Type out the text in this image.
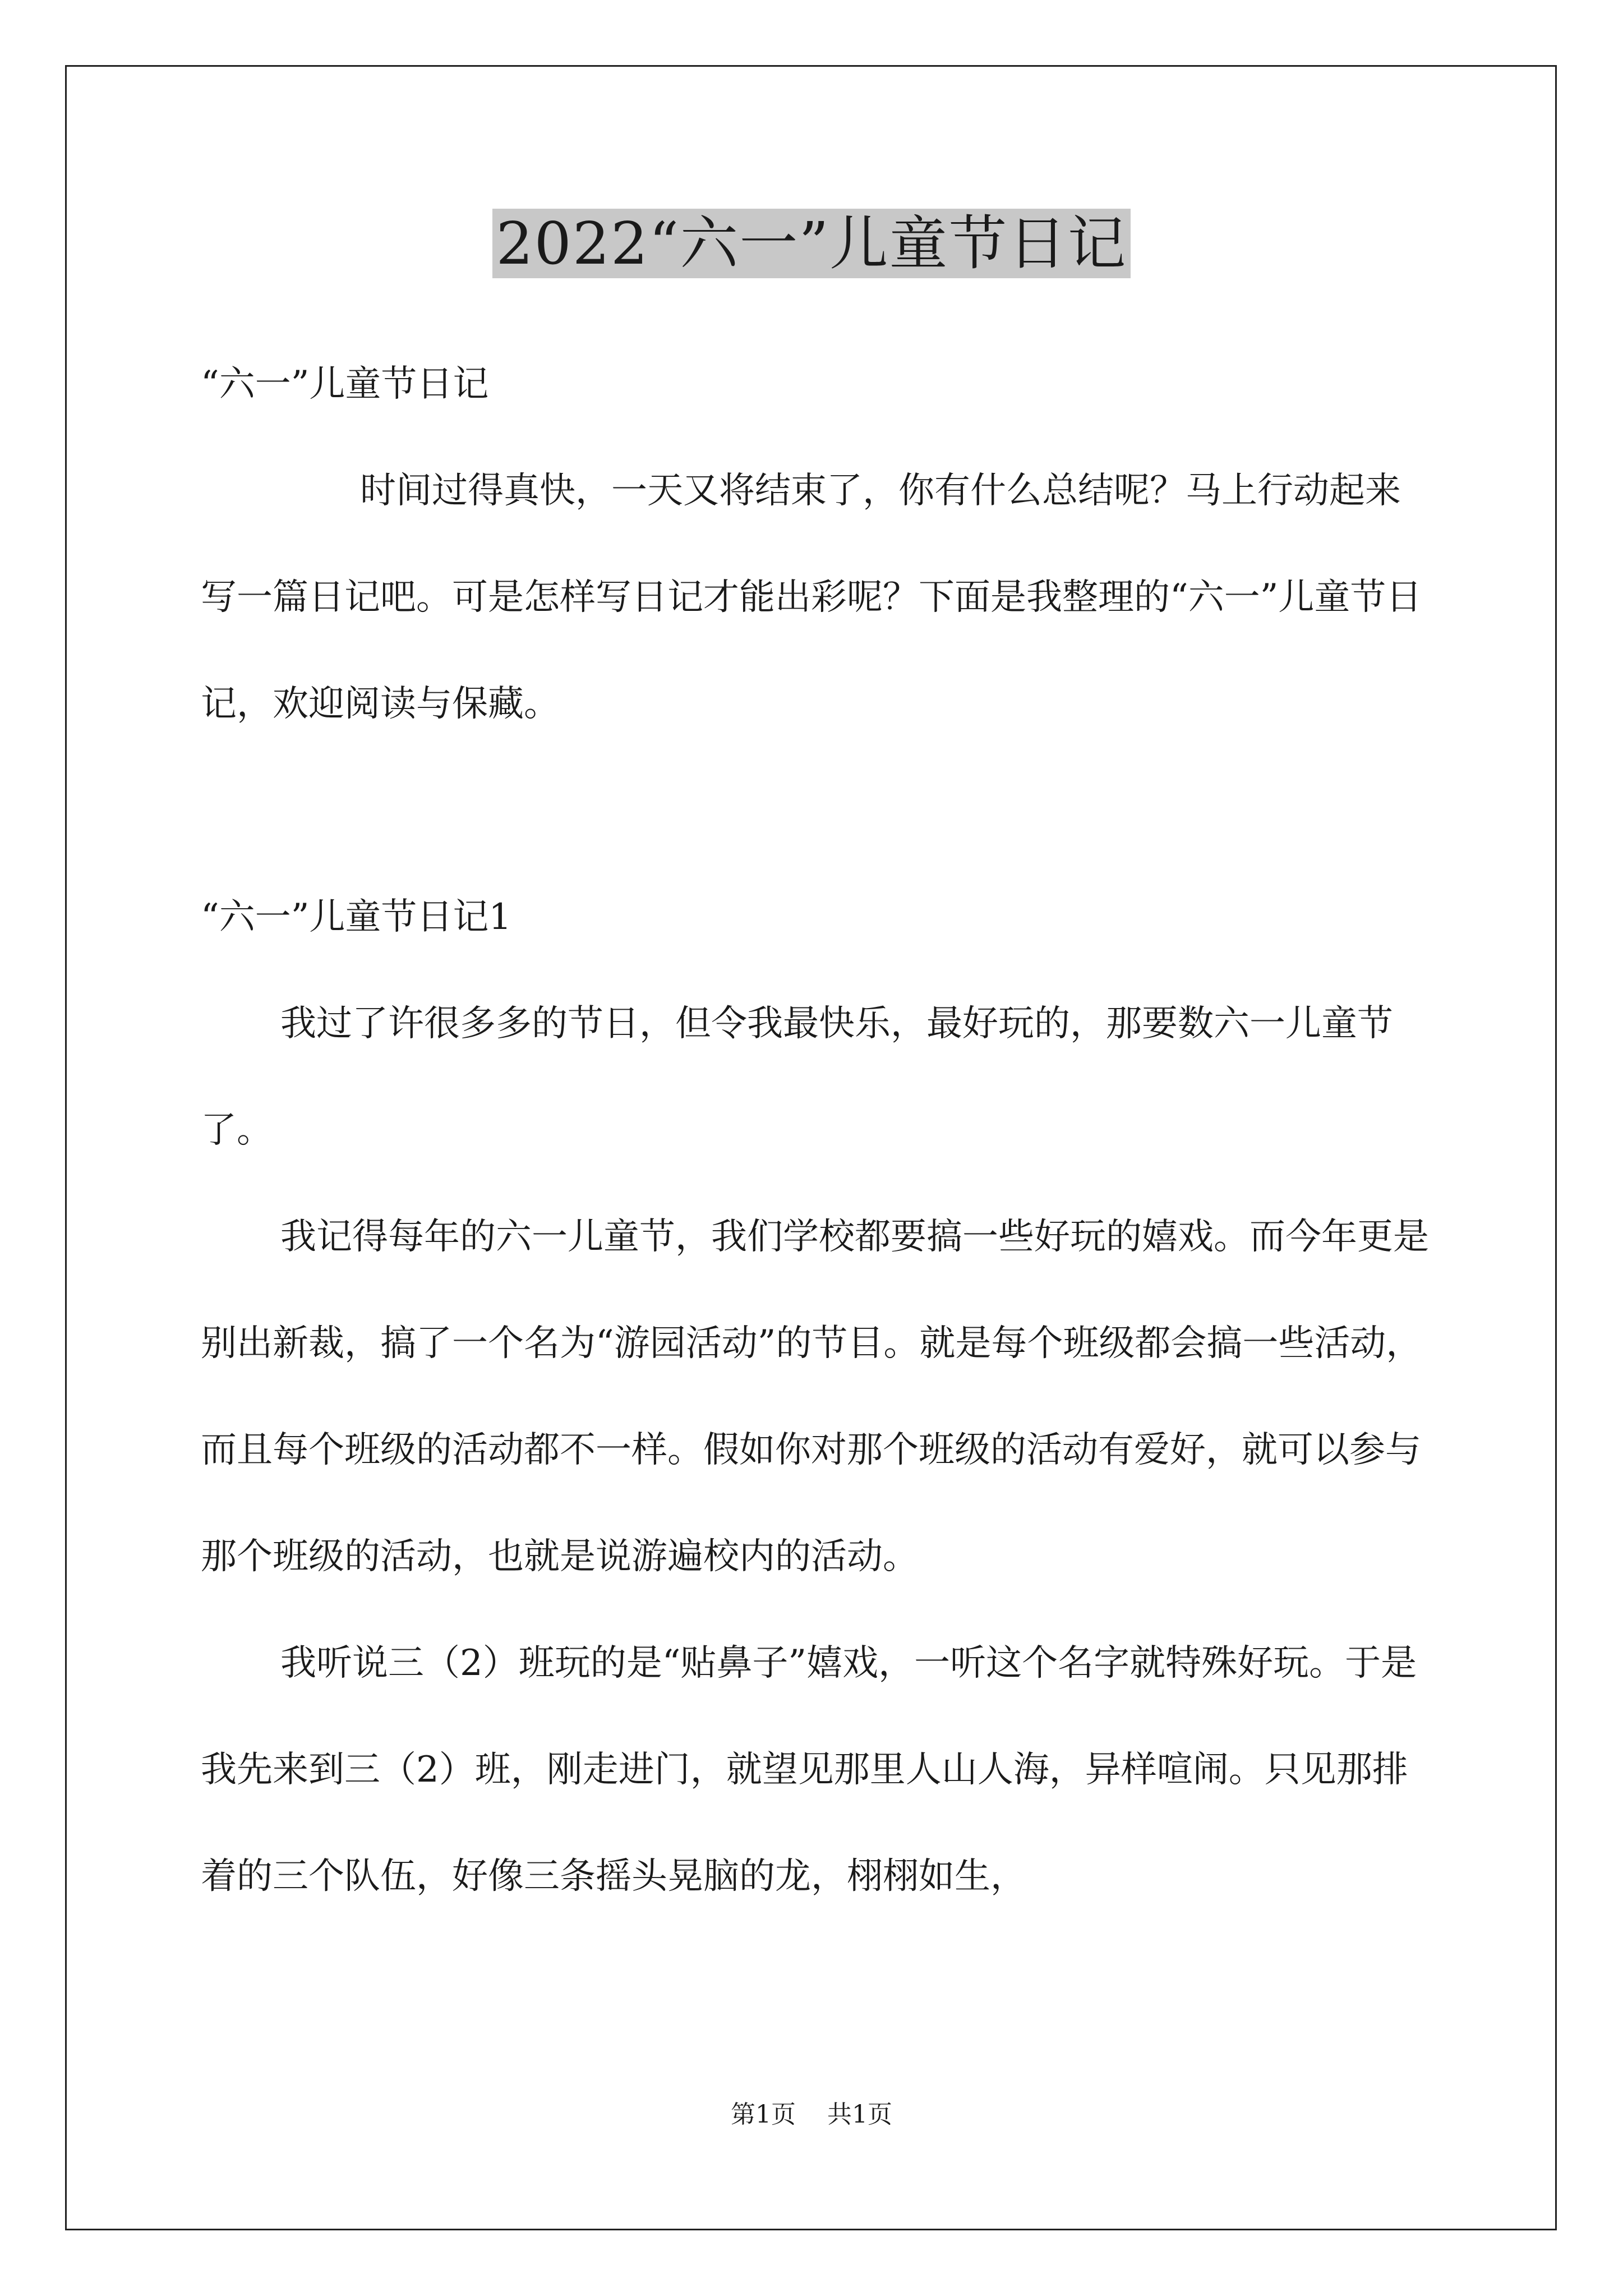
2022“六一”儿童节日记

“六一”儿童节日记

时间过得真快，一天又将结束了，你有什么总结呢？马上行动起来写一篇日记吧。可是怎样写日记才能出彩呢？下面是我整理的“六一”儿童节日记，欢迎阅读与保藏。

“六一”儿童节日记1

我过了许很多多的节日，但令我最快乐，最好玩的，那要数六一儿童节了。

我记得每年的六一儿童节，我们学校都要搞一些好玩的嬉戏。而今年更是别出新裁，搞了一个名为“游园活动”的节目。就是每个班级都会搞一些活动，而且每个班级的活动都不一样。假如你对那个班级的活动有爱好，就可以参与那个班级的活动，也就是说游遍校内的活动。

我听说三（2）班玩的是“贴鼻子”嬉戏，一听这个名字就特殊好玩。于是我先来到三（2）班，刚走进门，就望见那里人山人海，异样喧闹。只见那排着的三个队伍，好像三条摇头晃脑的龙，栩栩如生，

第1页 共1页
